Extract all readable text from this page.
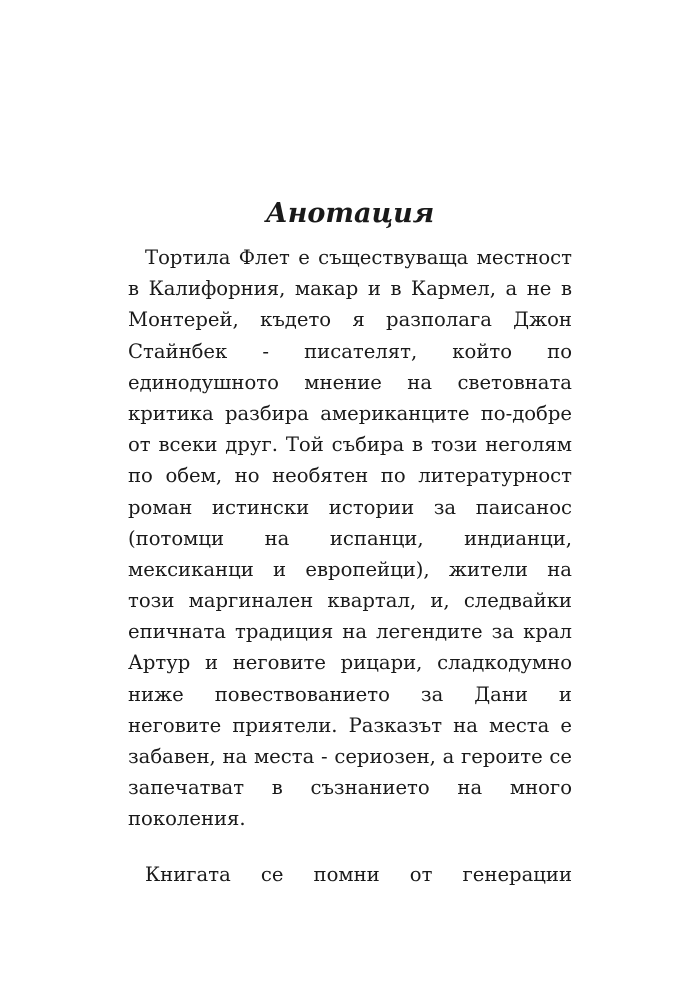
Анотация
Тортила Флет е съществуваща местност
в Калифорния, макар и в Кармел, а не в
Монтерей, където я разполага Джон
Стайнбек - писателят, който по
единодушното мнение на световната
критика разбира американците по-добре
от всеки друг. Той събира в този неголям
по обем, но необятен по литературност
роман истински истории за паисанос
(потомци на испанци, индианци,
мексиканци и европейци), жители на
този маргинален квартал, и, следвайки
епичната традиция на легендите за крал
Артур и неговите рицари, сладкодумно
ниже повествованието за Дани и
неговите приятели. Разказът на места е
забавен, на места - сериозен, а героите се
запечатват в съзнанието на много
поколения.
Книгата се помни от генерации
